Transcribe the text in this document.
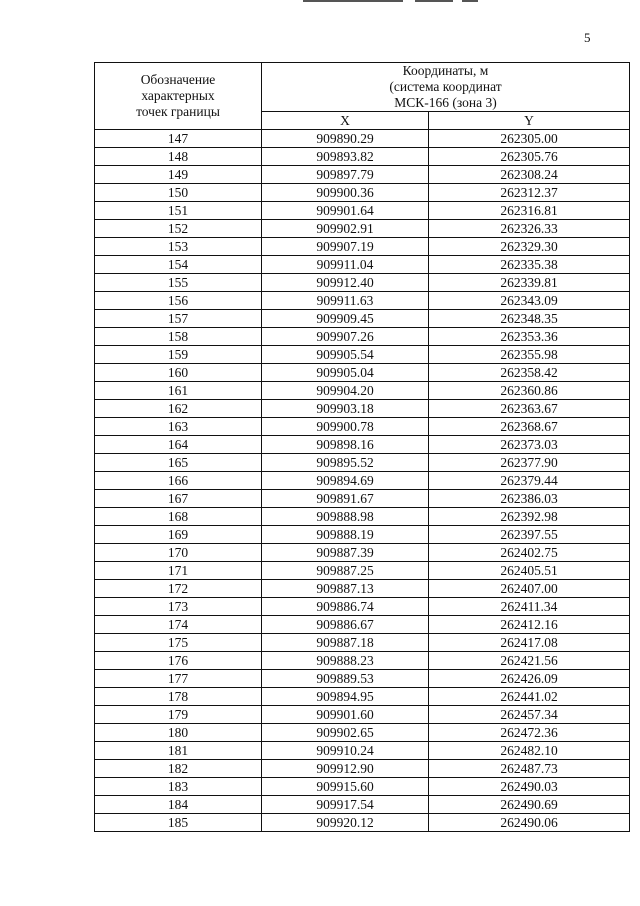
5
Обозначение
характерных
точек границы	Координаты, м
(система координат
МСК-166 (зона 3)	

	X	Y
147	909890.29	262305.00
148	909893.82	262305.76
149	909897.79	262308.24
150	909900.36	262312.37
151	909901.64	262316.81
152	909902.91	262326.33
153	909907.19	262329.30
154	909911.04	262335.38
155	909912.40	262339.81
156	909911.63	262343.09
157	909909.45	262348.35
158	909907.26	262353.36
159	909905.54	262355.98
160	909905.04	262358.42
161	909904.20	262360.86
162	909903.18	262363.67
163	909900.78	262368.67
164	909898.16	262373.03
165	909895.52	262377.90
166	909894.69	262379.44
167	909891.67	262386.03
168	909888.98	262392.98
169	909888.19	262397.55
170	909887.39	262402.75
171	909887.25	262405.51
172	909887.13	262407.00
173	909886.74	262411.34
174	909886.67	262412.16
175	909887.18	262417.08
176	909888.23	262421.56
177	909889.53	262426.09
178	909894.95	262441.02
179	909901.60	262457.34
180	909902.65	262472.36
181	909910.24	262482.10
182	909912.90	262487.73
183	909915.60	262490.03
184	909917.54	262490.69
185	909920.12	262490.06
